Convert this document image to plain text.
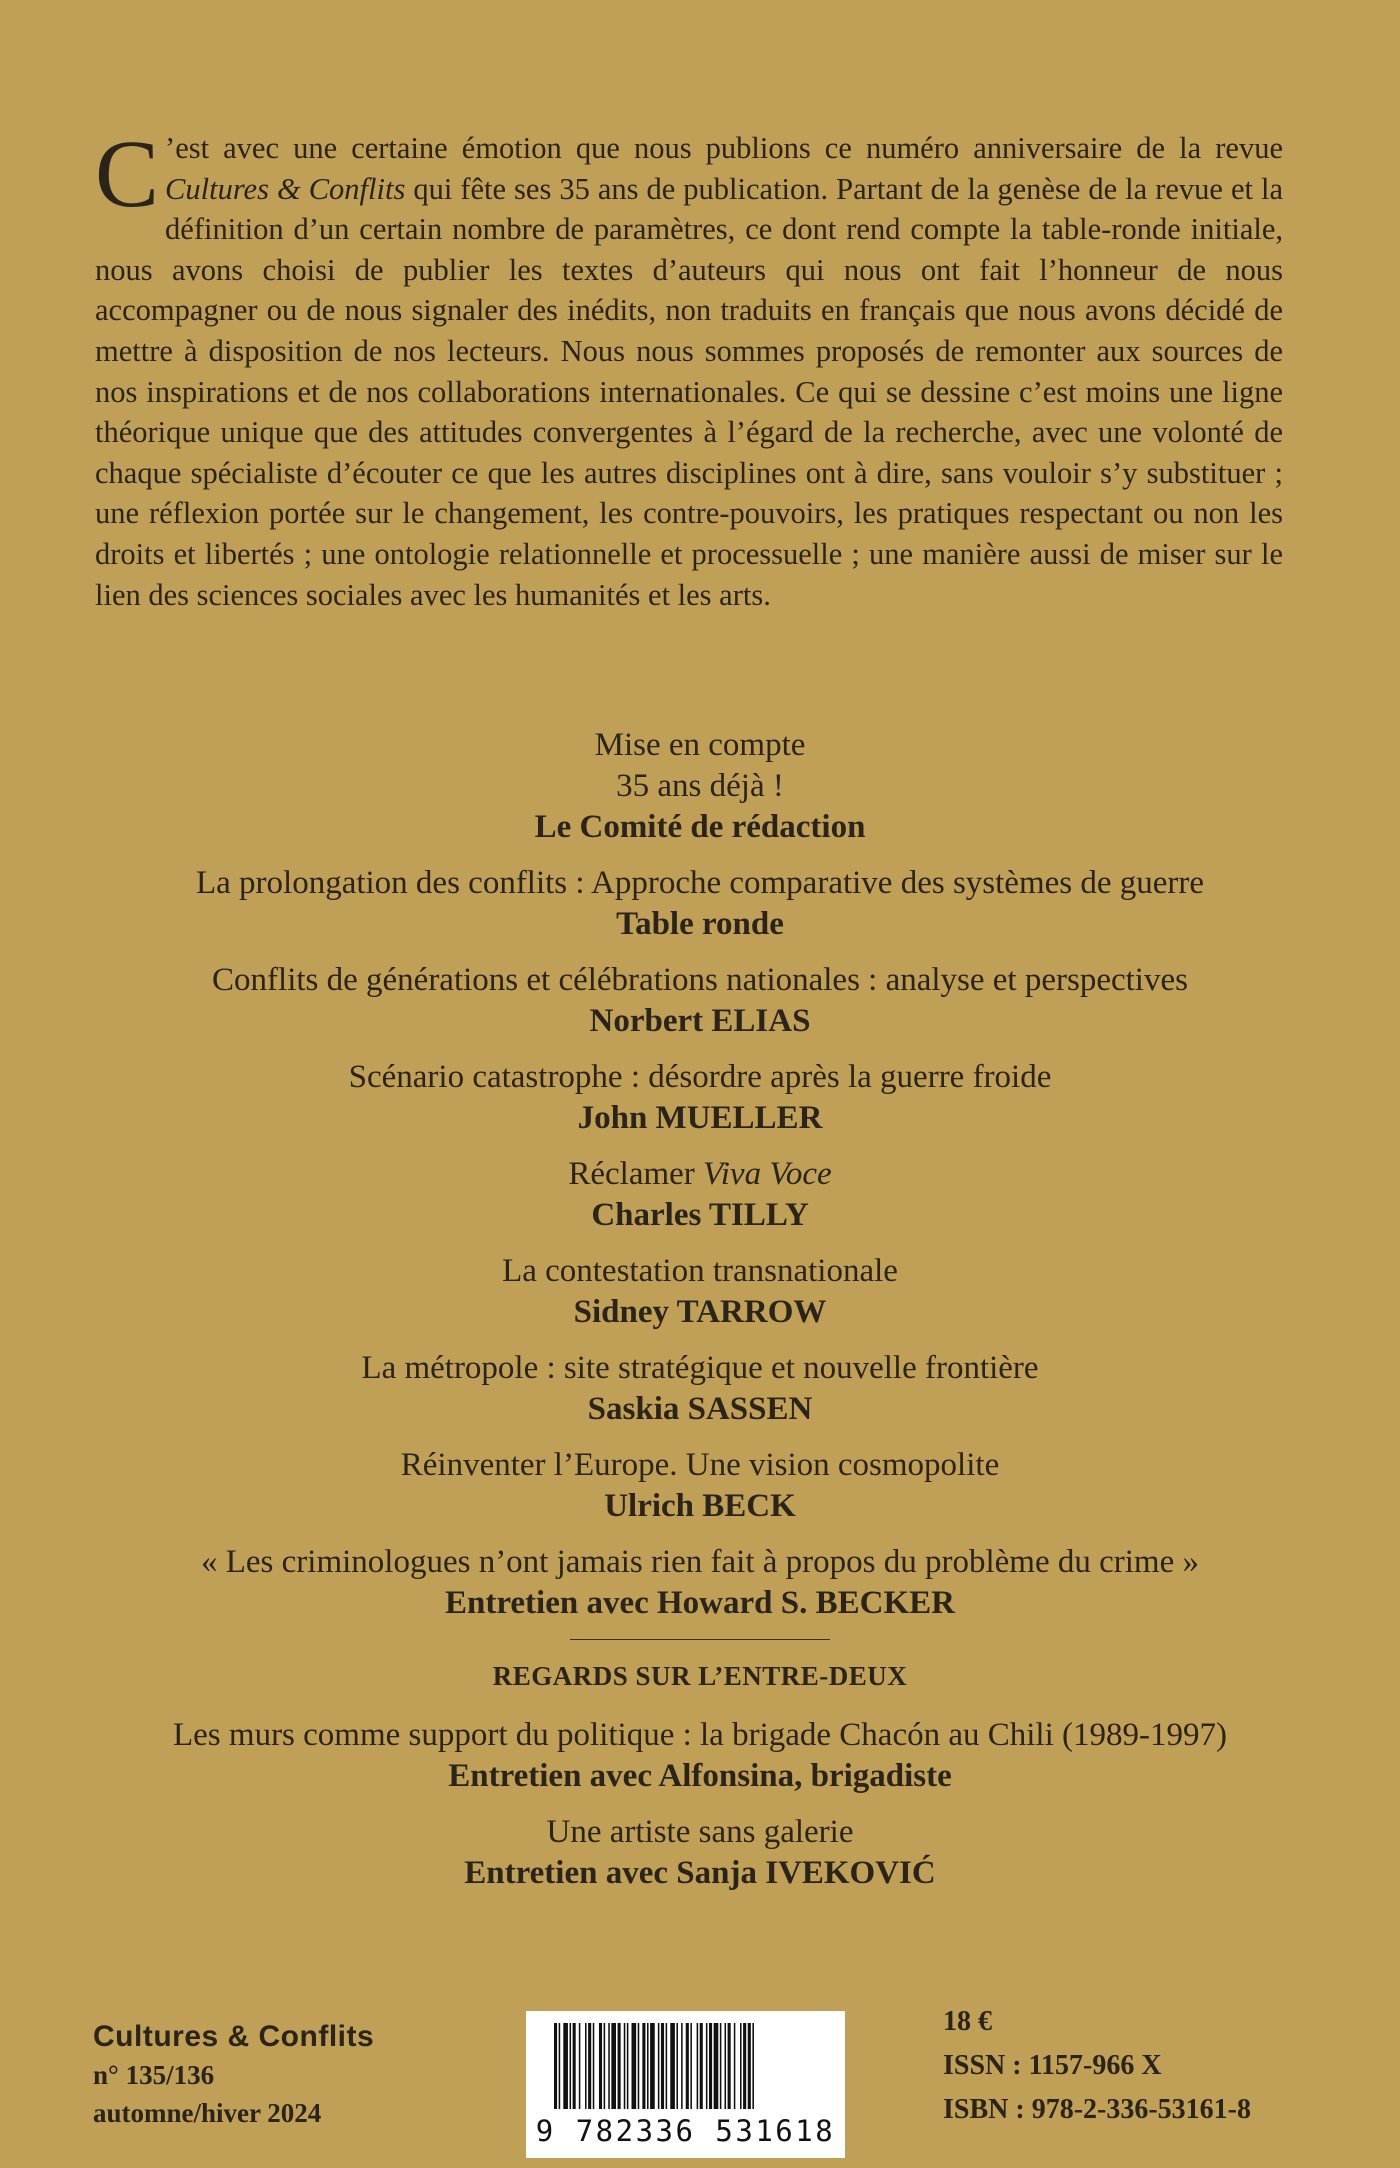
C ’est avec une certaine émotion que nous publions ce numéro anniversaire de la revue Cultures & Conflits qui fête ses 35 ans de publication. Partant de la genèse de la revue et la définition d’un certain nombre de paramètres, ce dont rend compte la table-ronde initiale, nous avons choisi de publier les textes d’auteurs qui nous ont fait l’honneur de nous accompagner ou de nous signaler des inédits, non traduits en français que nous avons décidé de mettre à disposition de nos lecteurs. Nous nous sommes proposés de remonter aux sources de nos inspirations et de nos collaborations internationales. Ce qui se dessine c’est moins une ligne théorique unique que des attitudes convergentes à l’égard de la recherche, avec une volonté de chaque spécialiste d’écouter ce que les autres disciplines ont à dire, sans vouloir s’y substituer ; une réflexion portée sur le changement, les contre-pouvoirs, les pratiques respectant ou non les droits et libertés ; une ontologie relationnelle et processuelle ; une manière aussi de miser sur le lien des sciences sociales avec les humanités et les arts.
Mise en compte
35 ans déjà !
Le Comité de rédaction
La prolongation des conflits : Approche comparative des systèmes de guerre
Table ronde
Conflits de générations et célébrations nationales : analyse et perspectives
Norbert ELIAS
Scénario catastrophe : désordre après la guerre froide
John MUELLER
Réclamer Viva Voce
Charles TILLY
La contestation transnationale
Sidney TARROW
La métropole : site stratégique et nouvelle frontière
Saskia SASSEN
Réinventer l’Europe. Une vision cosmopolite
Ulrich BECK
« Les criminologues n’ont jamais rien fait à propos du problème du crime »
Entretien avec Howard S. BECKER
REGARDS SUR L’ENTRE-DEUX
Les murs comme support du politique : la brigade Chacón au Chili (1989-1997)
Entretien avec Alfonsina, brigadiste
Une artiste sans galerie
Entretien avec Sanja IVEKOVIĆ
Cultures & Conflits
n° 135/136
automne/hiver 2024
9 782336 531618
18 €
ISSN : 1157-966 X
ISBN : 978-2-336-53161-8
